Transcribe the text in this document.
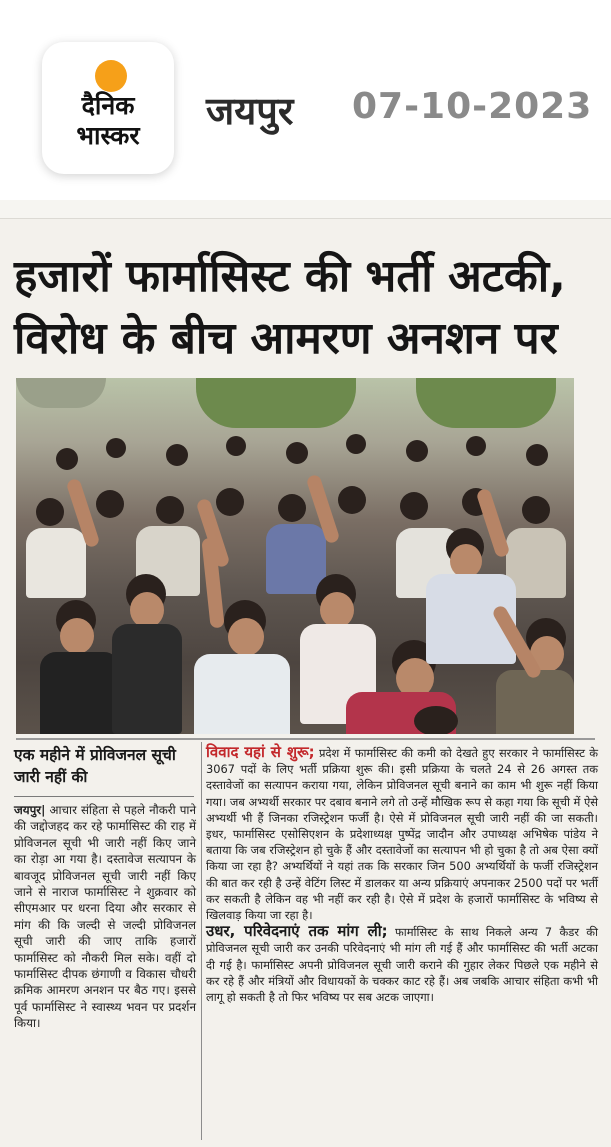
दैनिक
भास्कर
जयपुर 07-10-2023
हजारों फार्मासिस्ट की भर्ती अटकी,
विरोध के बीच आमरण अनशन पर
एक महीने में प्रोविजनल सूची जारी नहीं की
जयपुर| आचार संहिता से पहले नौकरी पाने की जद्दोजहद कर रहे फार्मासिस्ट की राह में प्रोविजनल सूची भी जारी नहीं किए जाने का रोड़ा आ गया है। दस्तावेज सत्यापन के बावजूद प्रोविजनल सूची जारी नहीं किए जाने से नाराज फार्मासिस्ट ने शुक्रवार को सीएमआर पर धरना दिया और सरकार से मांग की कि जल्दी से जल्दी प्रोविजनल सूची जारी की जाए ताकि हजारों फार्मासिस्ट को नौकरी मिल सके। वहीं दो फार्मासिस्ट दीपक छंगाणी व विकास चौधरी क्रमिक आमरण अनशन पर बैठ गए। इससे पूर्व फार्मासिस्ट ने स्वास्थ्य भवन पर प्रदर्शन किया।
विवाद यहां से शुरू; प्रदेश में फार्मासिस्ट की कमी को देखते हुए सरकार ने फार्मासिस्ट के 3067 पदों के लिए भर्ती प्रक्रिया शुरू की। इसी प्रक्रिया के चलते 24 से 26 अगस्त तक दस्तावेजों का सत्यापन कराया गया, लेकिन प्रोविजनल सूची बनाने का काम भी शुरू नहीं किया गया। जब अभ्यर्थी सरकार पर दबाव बनाने लगे तो उन्हें मौखिक रूप से कहा गया कि सूची में ऐसे अभ्यर्थी भी हैं जिनका रजिस्ट्रेशन फर्जी है। ऐसे में प्रोविजनल सूची जारी नहीं की जा सकती। इधर, फार्मासिस्ट एसोसिएशन के प्रदेशाध्यक्ष पुष्पेंद्र जादौन और उपाध्यक्ष अभिषेक पांडेय ने बताया कि जब रजिस्ट्रेशन हो चुके हैं और दस्तावेजों का सत्यापन भी हो चुका है तो अब ऐसा क्यों किया जा रहा है? अभ्यर्थियों ने यहां तक कि सरकार जिन 500 अभ्यर्थियों के फर्जी रजिस्ट्रेशन की बात कर रही है उन्हें वेटिंग लिस्ट में डालकर या अन्य प्रक्रियाएं अपनाकर 2500 पदों पर भर्ती कर सकती है लेकिन वह भी नहीं कर रही है। ऐसे में प्रदेश के हजारों फार्मासिस्ट के भविष्य से खिलवाड़ किया जा रहा है।
उधर, परिवेदनाएं तक मांग ली; फार्मासिस्ट के साथ निकले अन्य 7 कैडर की प्रोविजनल सूची जारी कर उनकी परिवेदनाएं भी मांग ली गई हैं और फार्मासिस्ट की भर्ती अटका दी गई है। फार्मासिस्ट अपनी प्रोविजनल सूची जारी कराने की गुहार लेकर पिछले एक महीने से कर रहे हैं और मंत्रियों और विधायकों के चक्कर काट रहे हैं। अब जबकि आचार संहिता कभी भी लागू हो सकती है तो फिर भविष्य पर सब अटक जाएगा।
